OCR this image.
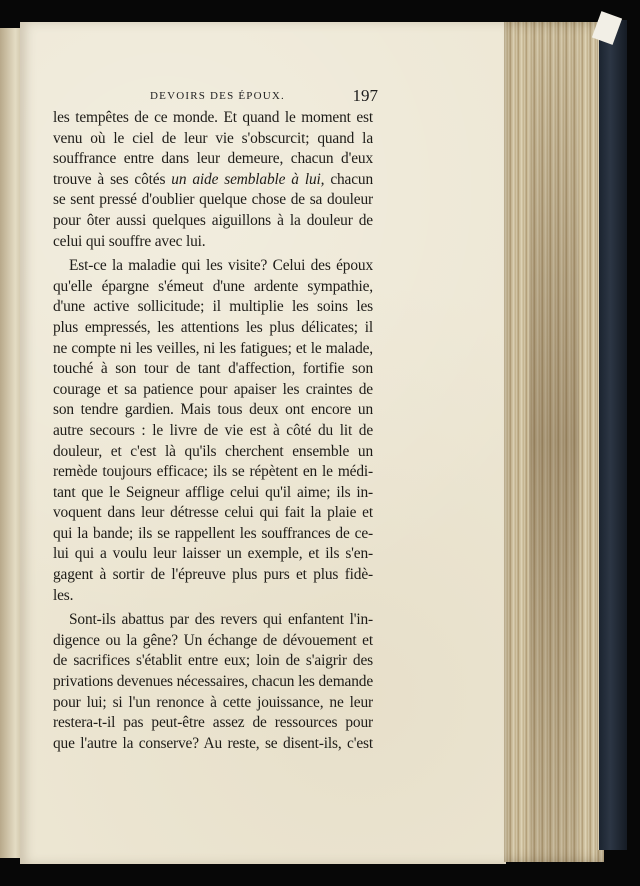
DEVOIRS DES ÉPOUX.	197
les tempêtes de ce monde. Et quand le moment est
venu où le ciel de leur vie s'obscurcit; quand la
souffrance entre dans leur demeure, chacun d'eux
trouve à ses côtés un aide semblable à lui, chacun
se sent pressé d'oublier quelque chose de sa douleur
pour ôter aussi quelques aiguillons à la douleur de
celui qui souffre avec lui.
Est-ce la maladie qui les visite? Celui des époux
qu'elle épargne s'émeut d'une ardente sympathie,
d'une active sollicitude; il multiplie les soins les
plus empressés, les attentions les plus délicates; il
ne compte ni les veilles, ni les fatigues; et le malade,
touché à son tour de tant d'affection, fortifie son
courage et sa patience pour apaiser les craintes de
son tendre gardien. Mais tous deux ont encore un
autre secours : le livre de vie est à côté du lit de
douleur, et c'est là qu'ils cherchent ensemble un
remède toujours efficace; ils se répètent en le médi-
tant que le Seigneur afflige celui qu'il aime; ils in-
voquent dans leur détresse celui qui fait la plaie et
qui la bande; ils se rappellent les souffrances de ce-
lui qui a voulu leur laisser un exemple, et ils s'en-
gagent à sortir de l'épreuve plus purs et plus fidè-
les.
Sont-ils abattus par des revers qui enfantent l'in-
digence ou la gêne? Un échange de dévouement et
de sacrifices s'établit entre eux; loin de s'aigrir des
privations devenues nécessaires, chacun les demande
pour lui; si l'un renonce à cette jouissance, ne leur
restera-t-il pas peut-être assez de ressources pour
que l'autre la conserve? Au reste, se disent-ils, c'est
